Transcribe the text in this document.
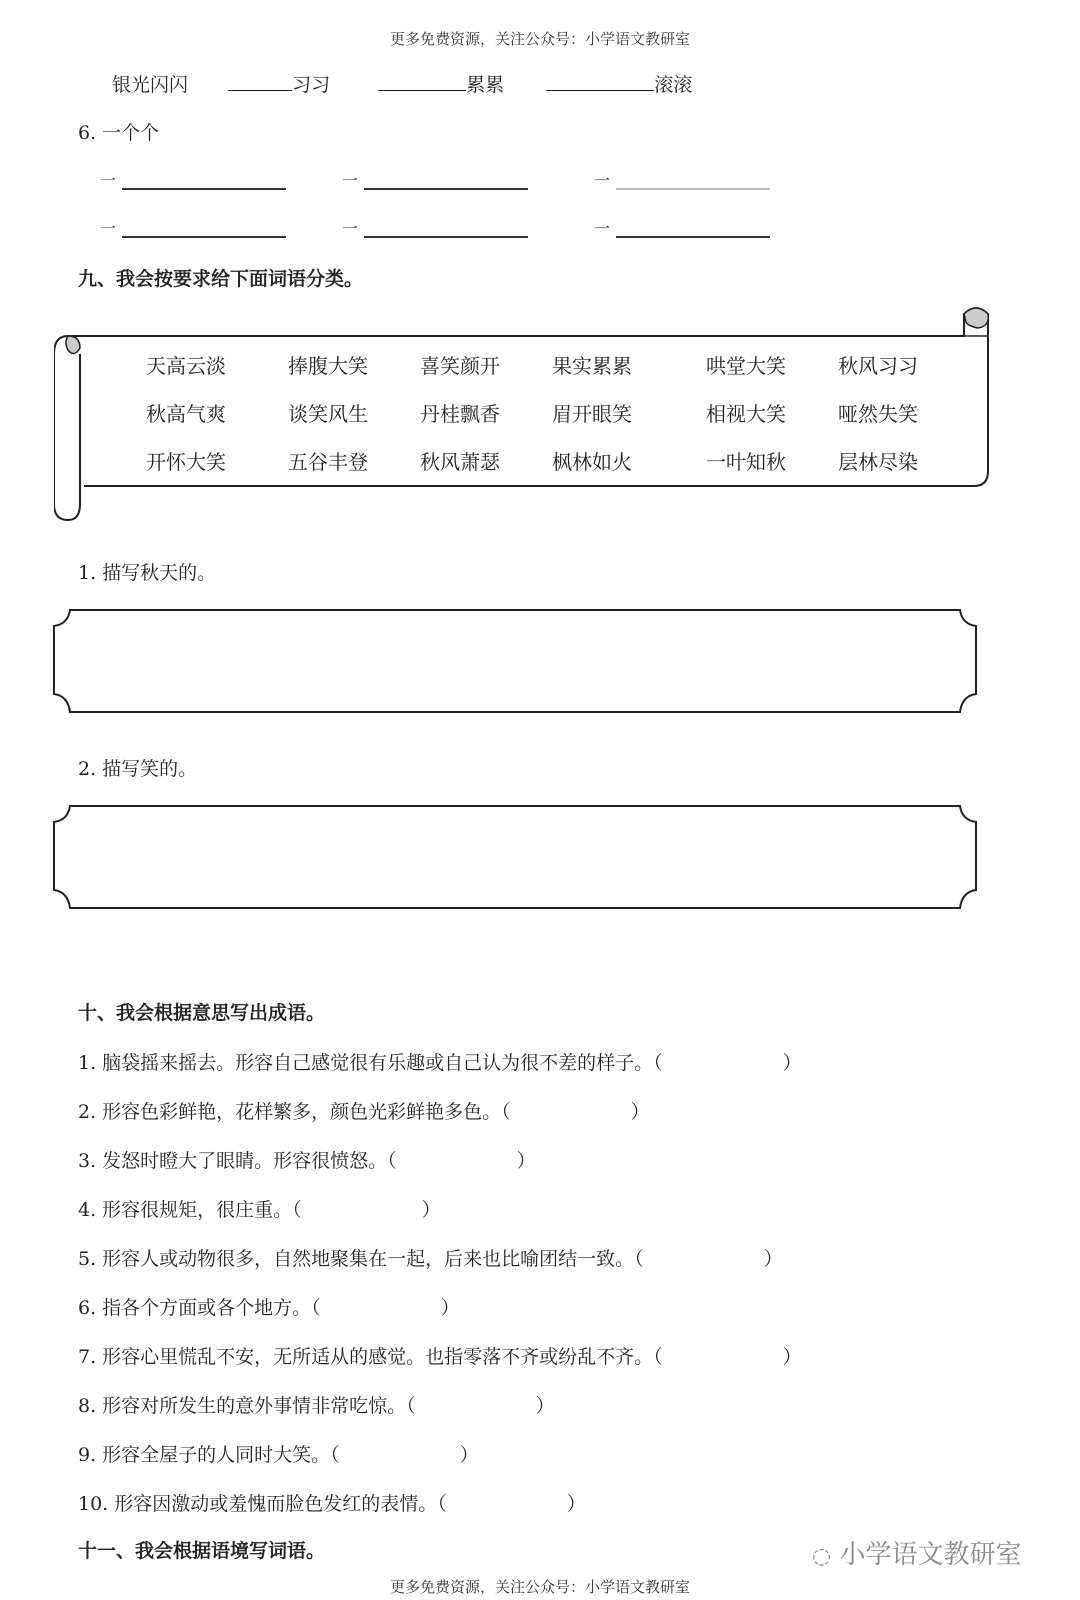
更多免费资源，关注公众号：小学语文教研室
银光闪闪	习习	累累	滚滚
6. 一个个
一	一	一
一	一	一
九、我会按要求给下面词语分类。
天高云淡	捧腹大笑	喜笑颜开	果实累累	哄堂大笑	秋风习习
秋高气爽	谈笑风生	丹桂飘香	眉开眼笑	相视大笑	哑然失笑
开怀大笑	五谷丰登	秋风萧瑟	枫林如火	一叶知秋	层林尽染
1. 描写秋天的。
2. 描写笑的。
十、我会根据意思写出成语。
1. 脑袋摇来摇去。形容自己感觉很有乐趣或自己认为很不差的样子。（	）
2. 形容色彩鲜艳，花样繁多，颜色光彩鲜艳多色。（	）
3. 发怒时瞪大了眼睛。形容很愤怒。（	）
4. 形容很规矩，很庄重。（	）
5. 形容人或动物很多，自然地聚集在一起，后来也比喻团结一致。（	）
6. 指各个方面或各个地方。（	）
7. 形容心里慌乱不安，无所适从的感觉。也指零落不齐或纷乱不齐。（	）
8. 形容对所发生的意外事情非常吃惊。（	）
9. 形容全屋子的人同时大笑。（	）
10. 形容因激动或羞愧而脸色发红的表情。（	）
十一、我会根据语境写词语。	◌ 小学语文教研室
更多免费资源，关注公众号：小学语文教研室
